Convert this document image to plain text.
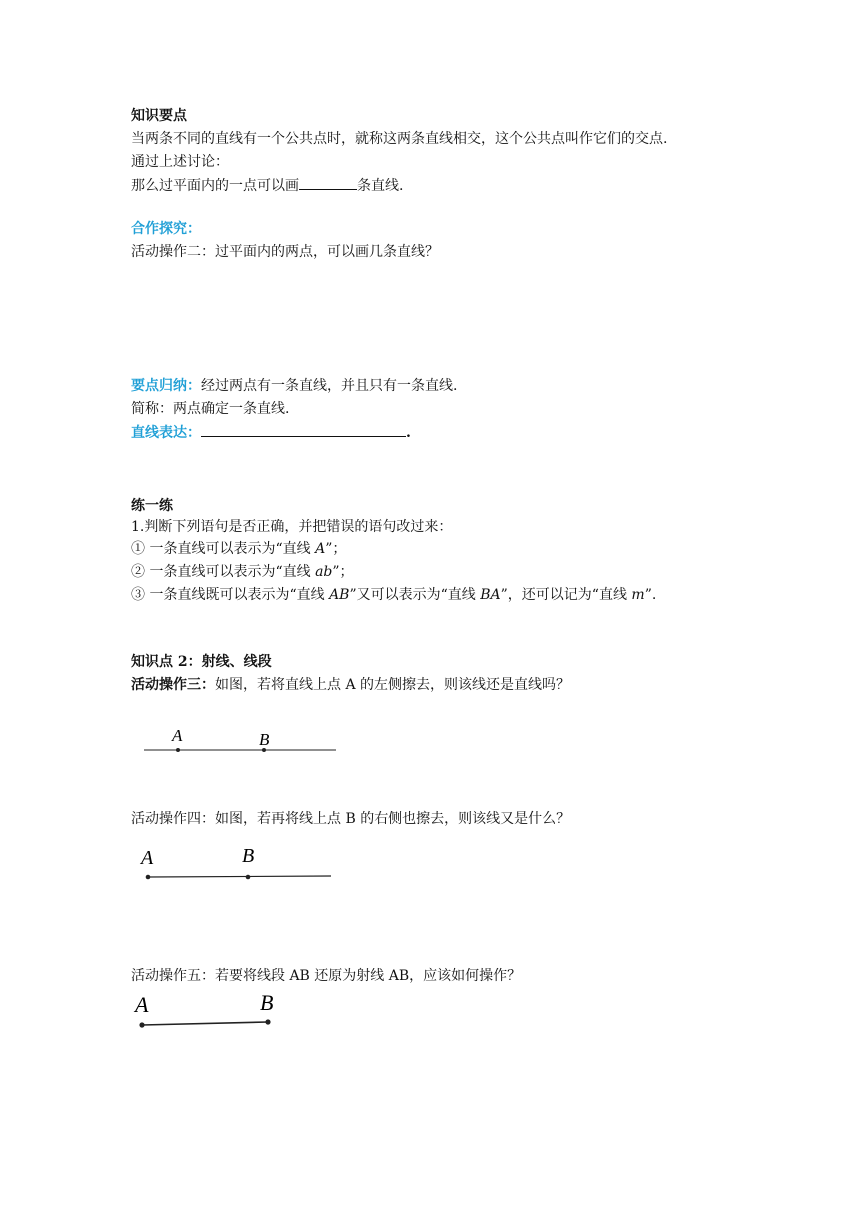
知识要点
当两条不同的直线有一个公共点时，就称这两条直线相交，这个公共点叫作它们的交点.
通过上述讨论：
那么过平面内的一点可以画	条直线.
合作探究：
活动操作二：过平面内的两点，可以画几条直线？
要点归纳：经过两点有一条直线，并且只有一条直线.
简称：两点确定一条直线.
直线表达：	.
练一练
1.判断下列语句是否正确，并把错误的语句改过来：
① 一条直线可以表示为“直线 A”；
② 一条直线可以表示为“直线 ab”；
③ 一条直线既可以表示为“直线 AB”又可以表示为“直线 BA”，还可以记为“直线 m”.
知识点 2：射线、线段
活动操作三：如图，若将直线上点 A 的左侧擦去，则该线还是直线吗？
活动操作四：如图，若再将线上点 B 的右侧也擦去，则该线又是什么？
活动操作五：若要将线段 AB 还原为射线 AB，应该如何操作？
A	B
A	B
A	B
